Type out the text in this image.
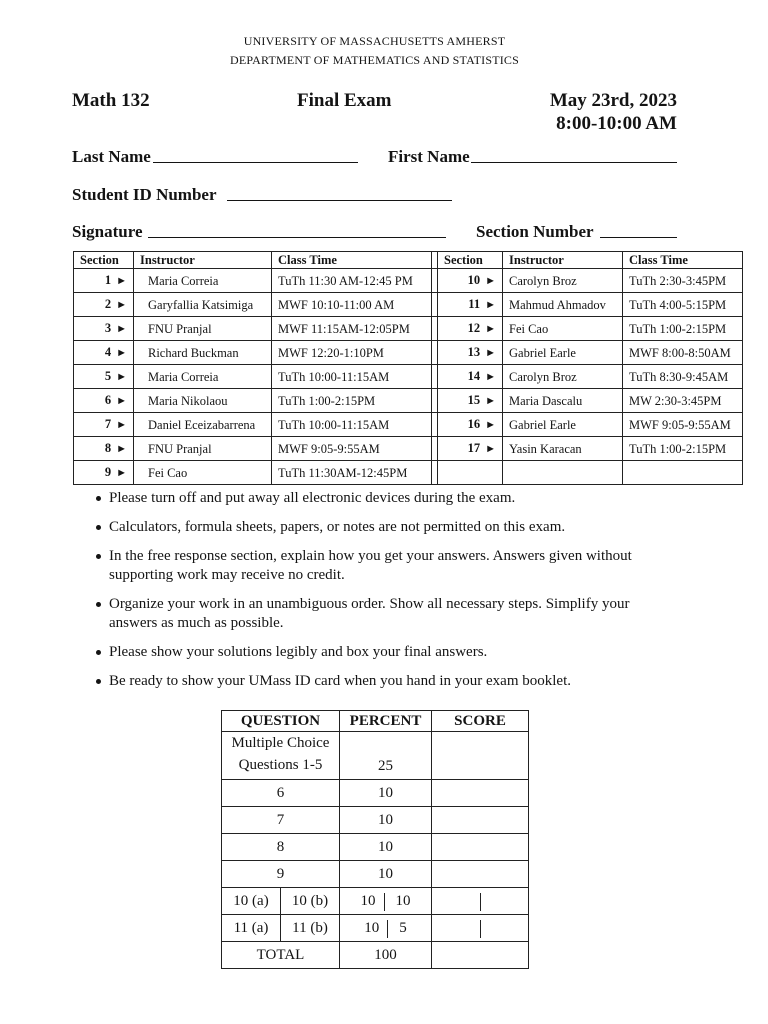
UNIVERSITY OF MASSACHUSETTS AMHERST
DEPARTMENT OF MATHEMATICS AND STATISTICS
Math 132	Final Exam	May 23rd, 2023
8:00-10:00 AM
Last Name	First Name
Student ID Number
Signature	Section Number
Section	Instructor	Class Time		Section	Instructor	Class Time
1 ►	Maria Correia	TuTh 11:30 AM-12:45 PM		10 ►	Carolyn Broz	TuTh 2:30-3:45PM
2 ►	Garyfallia Katsimiga	MWF 10:10-11:00 AM		11 ►	Mahmud Ahmadov	TuTh 4:00-5:15PM
3 ►	FNU Pranjal	MWF 11:15AM-12:05PM		12 ►	Fei Cao	TuTh 1:00-2:15PM
4 ►	Richard Buckman	MWF 12:20-1:10PM		13 ►	Gabriel Earle	MWF 8:00-8:50AM
5 ►	Maria Correia	TuTh 10:00-11:15AM		14 ►	Carolyn Broz	TuTh 8:30-9:45AM
6 ►	Maria Nikolaou	TuTh 1:00-2:15PM		15 ►	Maria Dascalu	MW 2:30-3:45PM
7 ►	Daniel Eceizabarrena	TuTh 10:00-11:15AM		16 ►	Gabriel Earle	MWF 9:05-9:55AM
8 ►	FNU Pranjal	MWF 9:05-9:55AM		17 ►	Yasin Karacan	TuTh 1:00-2:15PM
9 ►	Fei Cao	TuTh 11:30AM-12:45PM				
Please turn off and put away all electronic devices during the exam.
Calculators, formula sheets, papers, or notes are not permitted on this exam.
In the free response section, explain how you get your answers. Answers given without
supporting work may receive no credit.
Organize your work in an unambiguous order. Show all necessary steps. Simplify your
answers as much as possible.
Please show your solutions legibly and box your final answers.
Be ready to show your UMass ID card when you hand in your exam booklet.
QUESTION	PERCENT	SCORE

Multiple Choice
Questions 1-5	25	
6	10	
7	10	
8	10	
9	10	

10 (a) 10 (b)	10 10	

11 (a) 11 (b)	10 5	
TOTAL	100	
